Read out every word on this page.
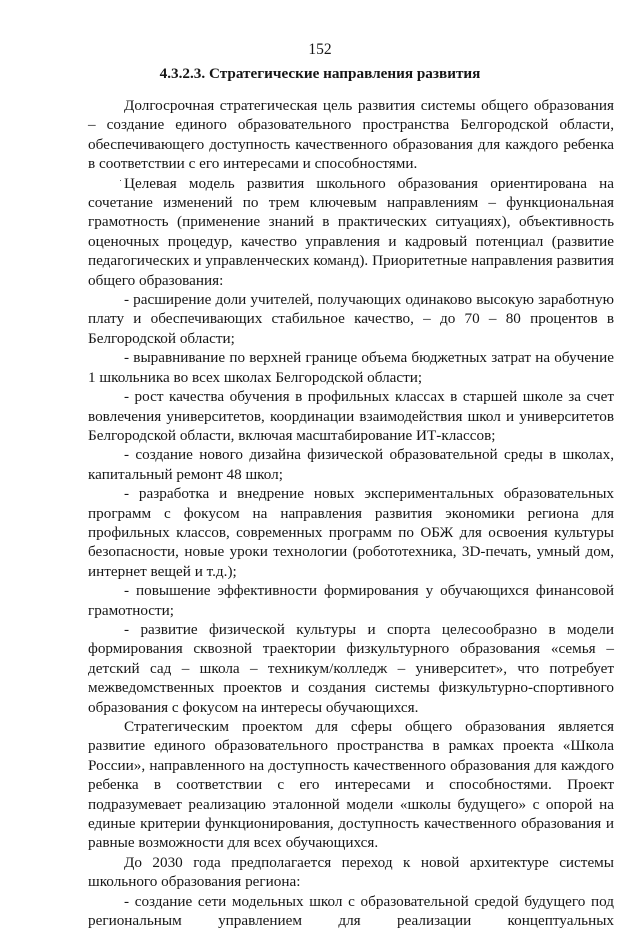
152
4.3.2.3. Стратегические направления развития

Долгосрочная стратегическая цель развития системы общего образования – создание единого образовательного пространства Белгородской области, обеспечивающего доступность качественного образования для каждого ребенка в соответствии с его интересами и способностями.

Целевая модель развития школьного образования ориентирована на сочетание изменений по трем ключевым направлениям – функциональная грамотность (применение знаний в практических ситуациях), объективность оценочных процедур, качество управления и кадровый потенциал (развитие педагогических и управленческих команд). Приоритетные направления развития общего образования:

- расширение доли учителей, получающих одинаково высокую заработную плату и обеспечивающих стабильное качество, – до 70 – 80 процентов в Белгородской области;

- выравнивание по верхней границе объема бюджетных затрат на обучение 1 школьника во всех школах Белгородской области;

- рост качества обучения в профильных классах в старшей школе за счет вовлечения университетов, координации взаимодействия школ и университетов Белгородской области, включая масштабирование ИТ-классов;

- создание нового дизайна физической образовательной среды в школах, капитальный ремонт 48 школ;

- разработка и внедрение новых экспериментальных образовательных программ с фокусом на направления развития экономики региона для профильных классов, современных программ по ОБЖ для освоения культуры безопасности, новые уроки технологии (робототехника, 3D-печать, умный дом, интернет вещей и т.д.);

- повышение эффективности формирования у обучающихся финансовой грамотности;

- развитие физической культуры и спорта целесообразно в модели формирования сквозной траектории физкультурного образования «семья – детский сад – школа – техникум/колледж – университет», что потребует межведомственных проектов и создания системы физкультурно-спортивного образования с фокусом на интересы обучающихся.

Стратегическим проектом для сферы общего образования является развитие единого образовательного пространства в рамках проекта «Школа России», направленного на доступность качественного образования для каждого ребенка в соответствии с его интересами и способностями. Проект подразумевает реализацию эталонной модели «школы будущего» с опорой на единые критерии функционирования, доступность качественного образования и равные возможности для всех обучающихся.

До 2030 года предполагается переход к новой архитектуре системы школьного образования региона:

- создание сети модельных школ с образовательной средой будущего под региональным управлением для реализации концептуальных
